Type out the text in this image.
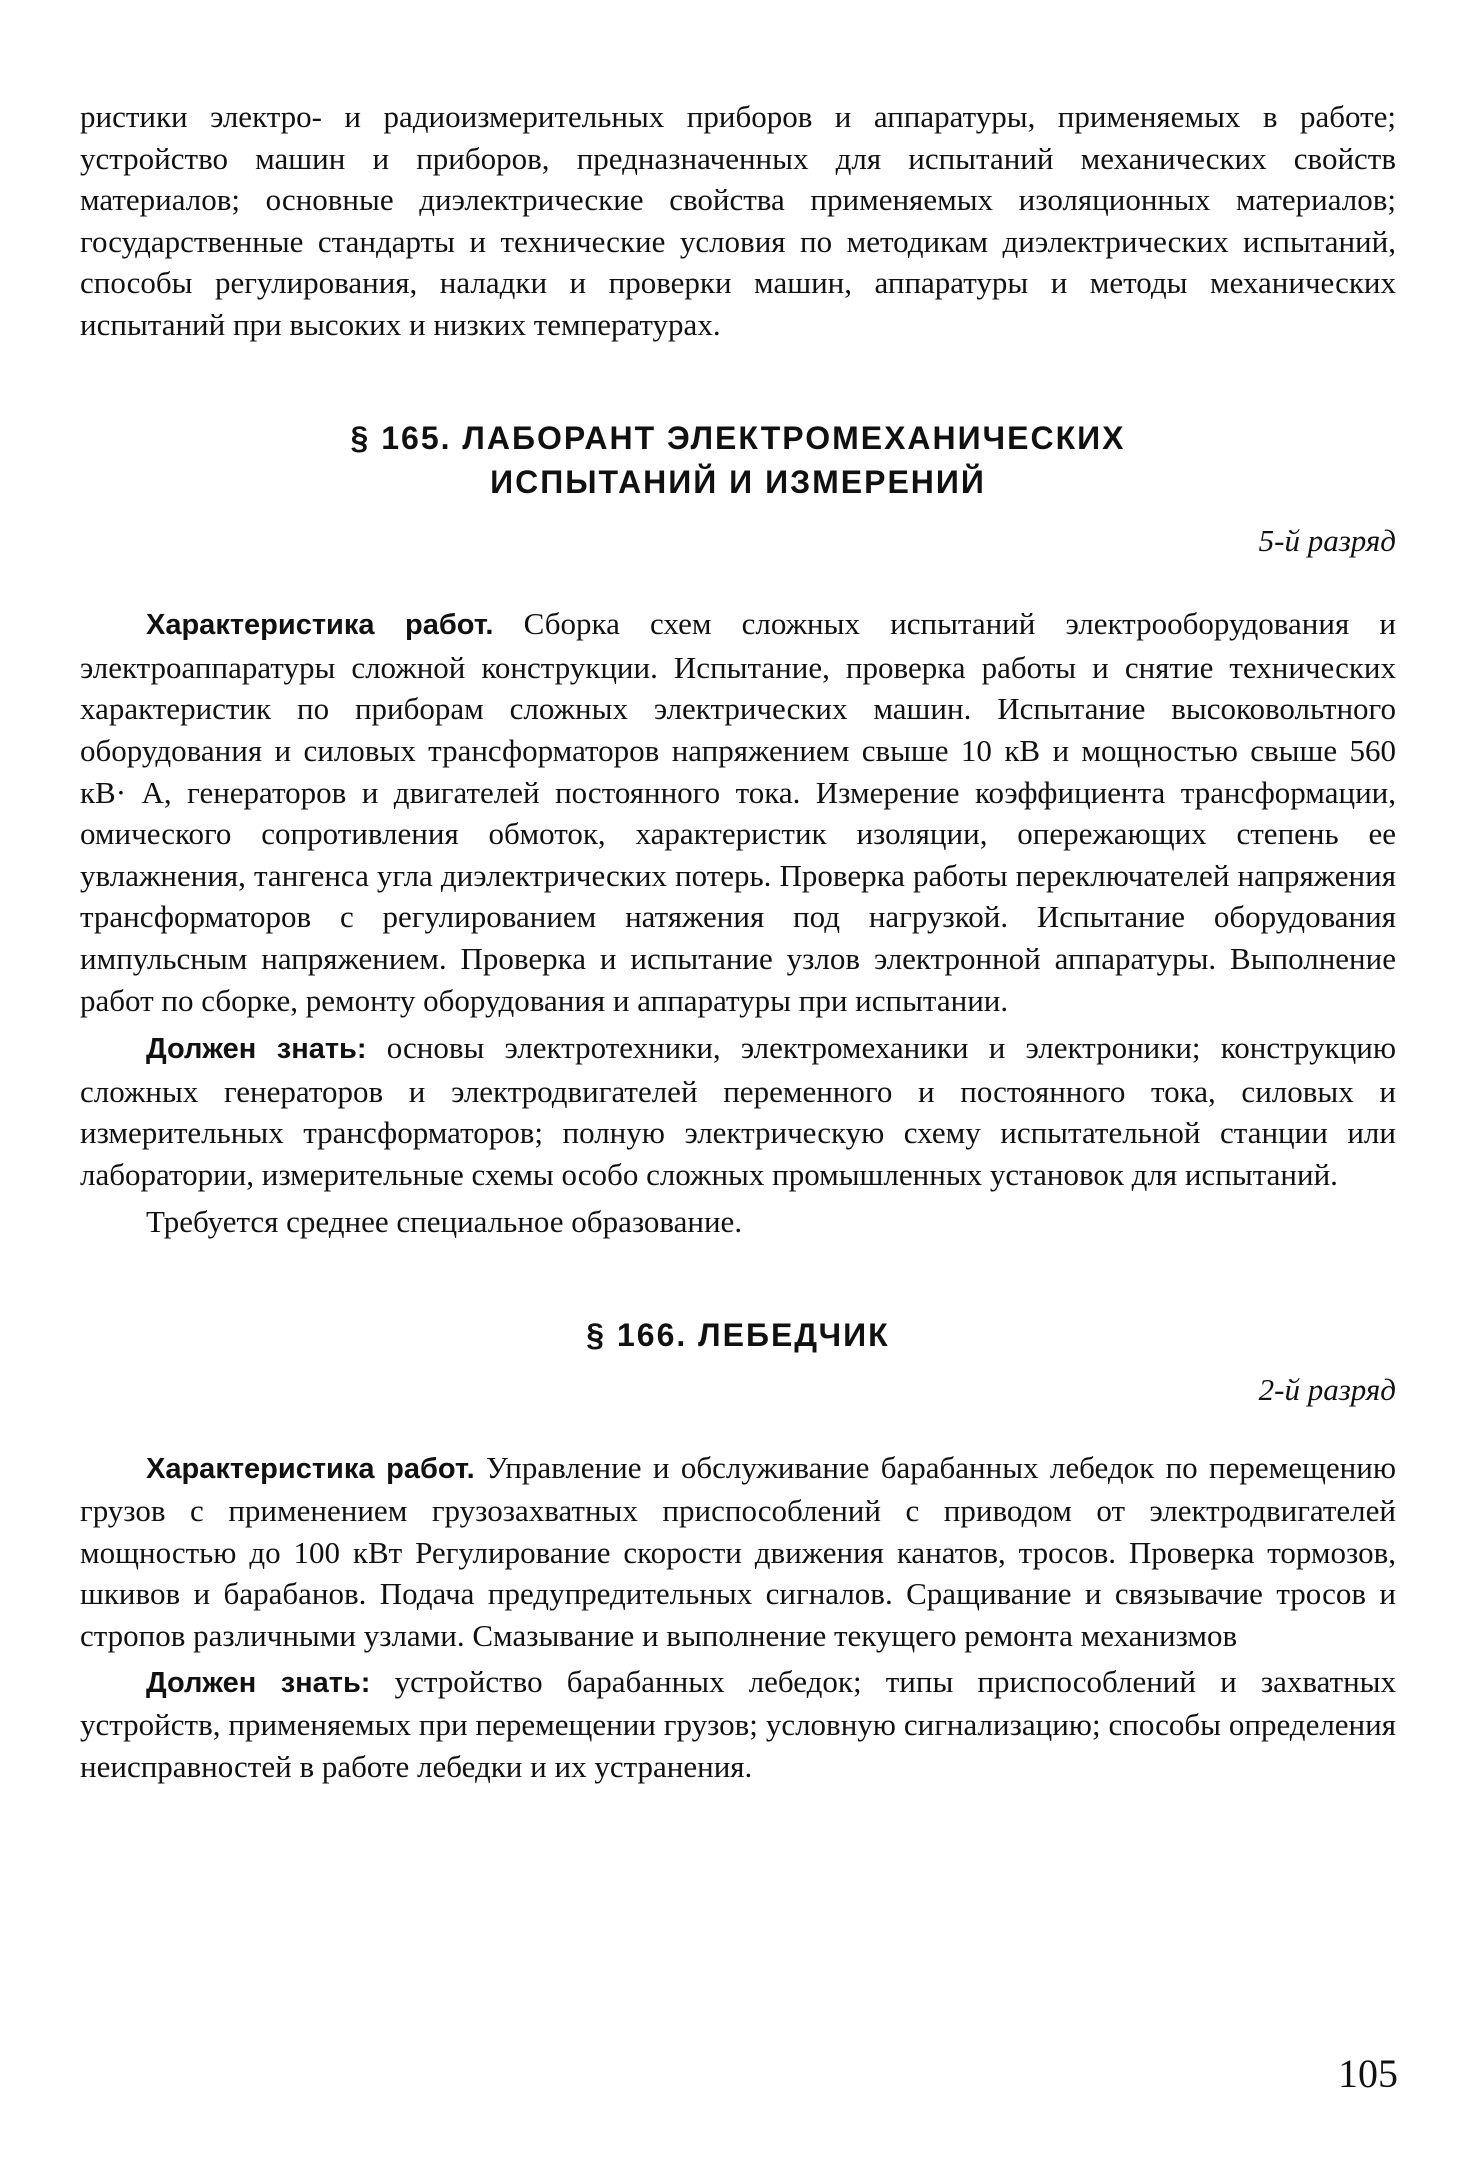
ристики электро- и радиоизмерительных приборов и аппаратуры, применяемых в работе; устройство машин и приборов, предназначенных для испытаний механических свойств материалов; основные диэлектрические свойства применяемых изоляционных материалов; государственные стандарты и технические условия по методикам диэлектрических испытаний, способы регулирования, наладки и проверки машин, аппаратуры и методы механических испытаний при высоких и низких температурах.

§ 165. ЛАБОРАНТ ЭЛЕКТРОМЕХАНИЧЕСКИХ

ИСПЫТАНИЙ И ИЗМЕРЕНИЙ

5-й разряд

Характеристика работ. Сборка схем сложных испытаний электрооборудования и электроаппаратуры сложной конструкции. Испытание, проверка работы и снятие технических характеристик по приборам сложных электрических машин. Испытание высоковольтного оборудования и силовых трансформаторов напряжением свыше 10 кВ и мощностью свыше 560 кВ· А, генераторов и двигателей постоянного тока. Измерение коэффициента трансформации, омического сопротивления обмоток, характеристик изоляции, опережающих степень ее увлажнения, тангенса угла диэлектрических потерь. Проверка работы переключателей напряжения трансформаторов с регулированием натяжения под нагрузкой. Испытание оборудования импульсным напряжением. Проверка и испытание узлов электронной аппаратуры. Выполнение работ по сборке, ремонту оборудования и аппаратуры при испытании.

Должен знать: основы электротехники, электромеханики и электроники; конструкцию сложных генераторов и электродвигателей переменного и постоянного тока, силовых и измерительных трансформаторов; полную электрическую схему испытательной станции или лаборатории, измерительные схемы особо сложных промышленных установок для испытаний.

Требуется среднее специальное образование.

§ 166. ЛЕБЕДЧИК

2-й разряд

Характеристика работ. Управление и обслуживание барабанных лебедок по перемещению грузов с применением грузозахватных приспособлений с приводом от электродвигателей мощностью до 100 кВт Регулирование скорости движения канатов, тросов. Проверка тормозов, шкивов и барабанов. Подача предупредительных сигналов. Сращивание и связывачие тросов и стропов различными узлами. Смазывание и выполнение текущего ремонта механизмов

Должен знать: устройство барабанных лебедок; типы приспособлений и захватных устройств, применяемых при перемещении грузов; условную сигнализацию; способы определения неисправностей в работе лебедки и их устранения.

105
